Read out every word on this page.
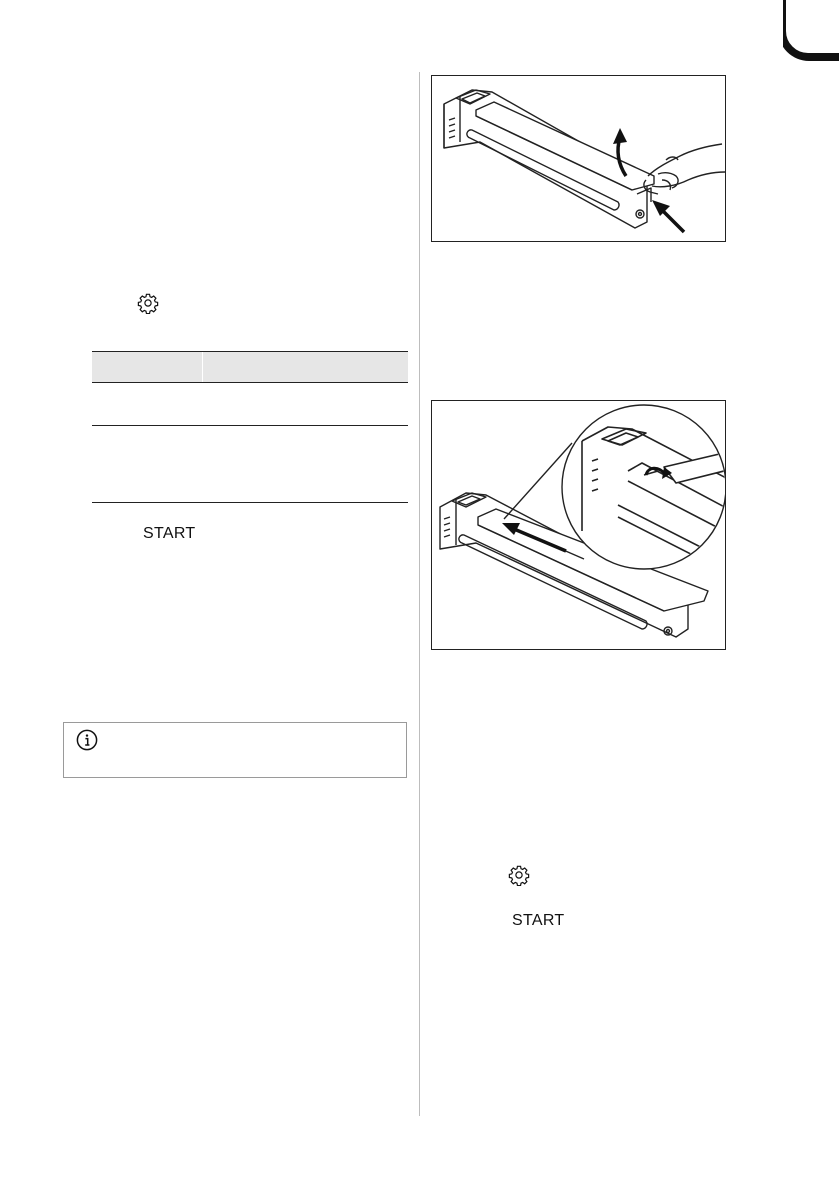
START
START
